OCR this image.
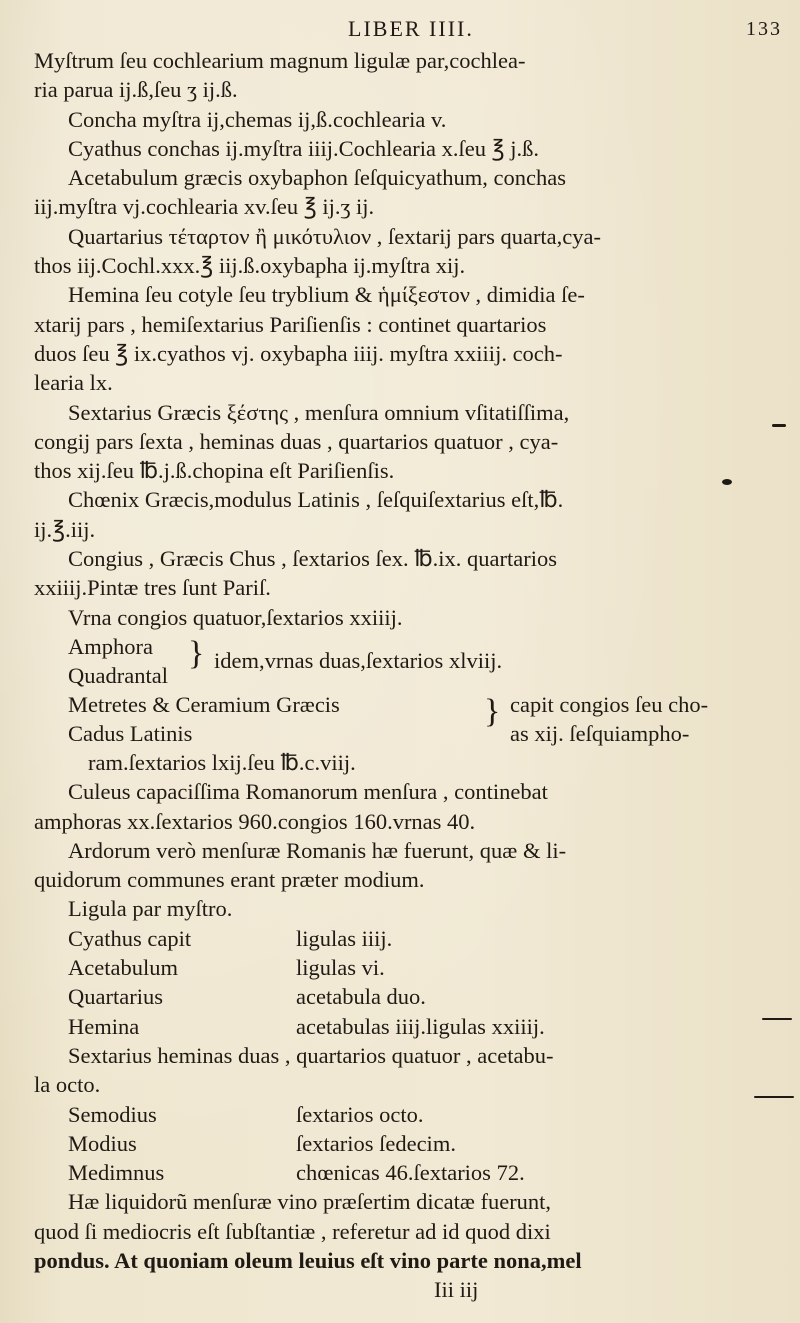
LIBER IIII.	133
Myſtrum ſeu cochlearium magnum ligulæ par,cochlea-
ria parua ij.ß,ſeu ʒ ij.ß.
Concha myſtra ij,chemas ij,ß.cochlearia v.
Cyathus conchas ij.myſtra iiij.Cochlearia x.ſeu ℥ j.ß.
Acetabulum græcis oxybaphon ſeſquicyathum, conchas
iij.myſtra vj.cochlearia xv.ſeu ℥ ij.ʒ ij.
Quartarius τέταρτον ἢ μικότυλιον , ſextarij pars quarta,cya-
thos iij.Cochl.xxx.℥ iij.ß.oxybapha ij.myſtra xij.
Hemina ſeu cotyle ſeu tryblium & ἡμίξεστον , dimidia ſe-
xtarij pars , hemiſextarius Pariſienſis : continet quartarios
duos ſeu ℥ ix.cyathos vj. oxybapha iiij. myſtra xxiiij. coch-
learia lx.
Sextarius Græcis ξέστης , menſura omnium vſitatiſſima,
congij pars ſexta , heminas duas , quartarios quatuor , cya-
thos xij.ſeu ℔.j.ß.chopina eſt Pariſienſis.
Chœnix Græcis,modulus Latinis , ſeſquiſextarius eſt,℔.
ij.℥.iij.
Congius , Græcis Chus , ſextarios ſex. ℔.ix. quartarios
xxiiij.Pintæ tres ſunt Pariſ.
Vrna congios quatuor,ſextarios xxiiij.
Amphora
Quadrantal
} idem,vrnas duas,ſextarios xlviij.
Metretes & Ceramium Græcis
Cadus Latinis
} capit congios ſeu cho-
as xij. ſeſquiampho-
ram.ſextarios lxij.ſeu ℔.c.viij.
Culeus capaciſſima Romanorum menſura , continebat
amphoras xx.ſextarios 960.congios 160.vrnas 40.
Ardorum verò menſuræ Romanis hæ fuerunt, quæ & li-
quidorum communes erant præter modium.
Ligula par myſtro.
Cyathus capit	ligulas iiij.
Acetabulum	ligulas vi.
Quartarius	acetabula duo.
Hemina	acetabulas iiij.ligulas xxiiij.
Sextarius heminas duas , quartarios quatuor , acetabu-
la octo.
Semodius	ſextarios octo.
Modius	ſextarios ſedecim.
Medimnus	chœnicas 46.ſextarios 72.
Hæ liquidorũ menſuræ vino præſertim dicatæ fuerunt,
quod ſi mediocris eſt ſubſtantiæ , referetur ad id quod dixi
pondus. At quoniam oleum leuius eſt vino parte nona,mel
Iii iij
